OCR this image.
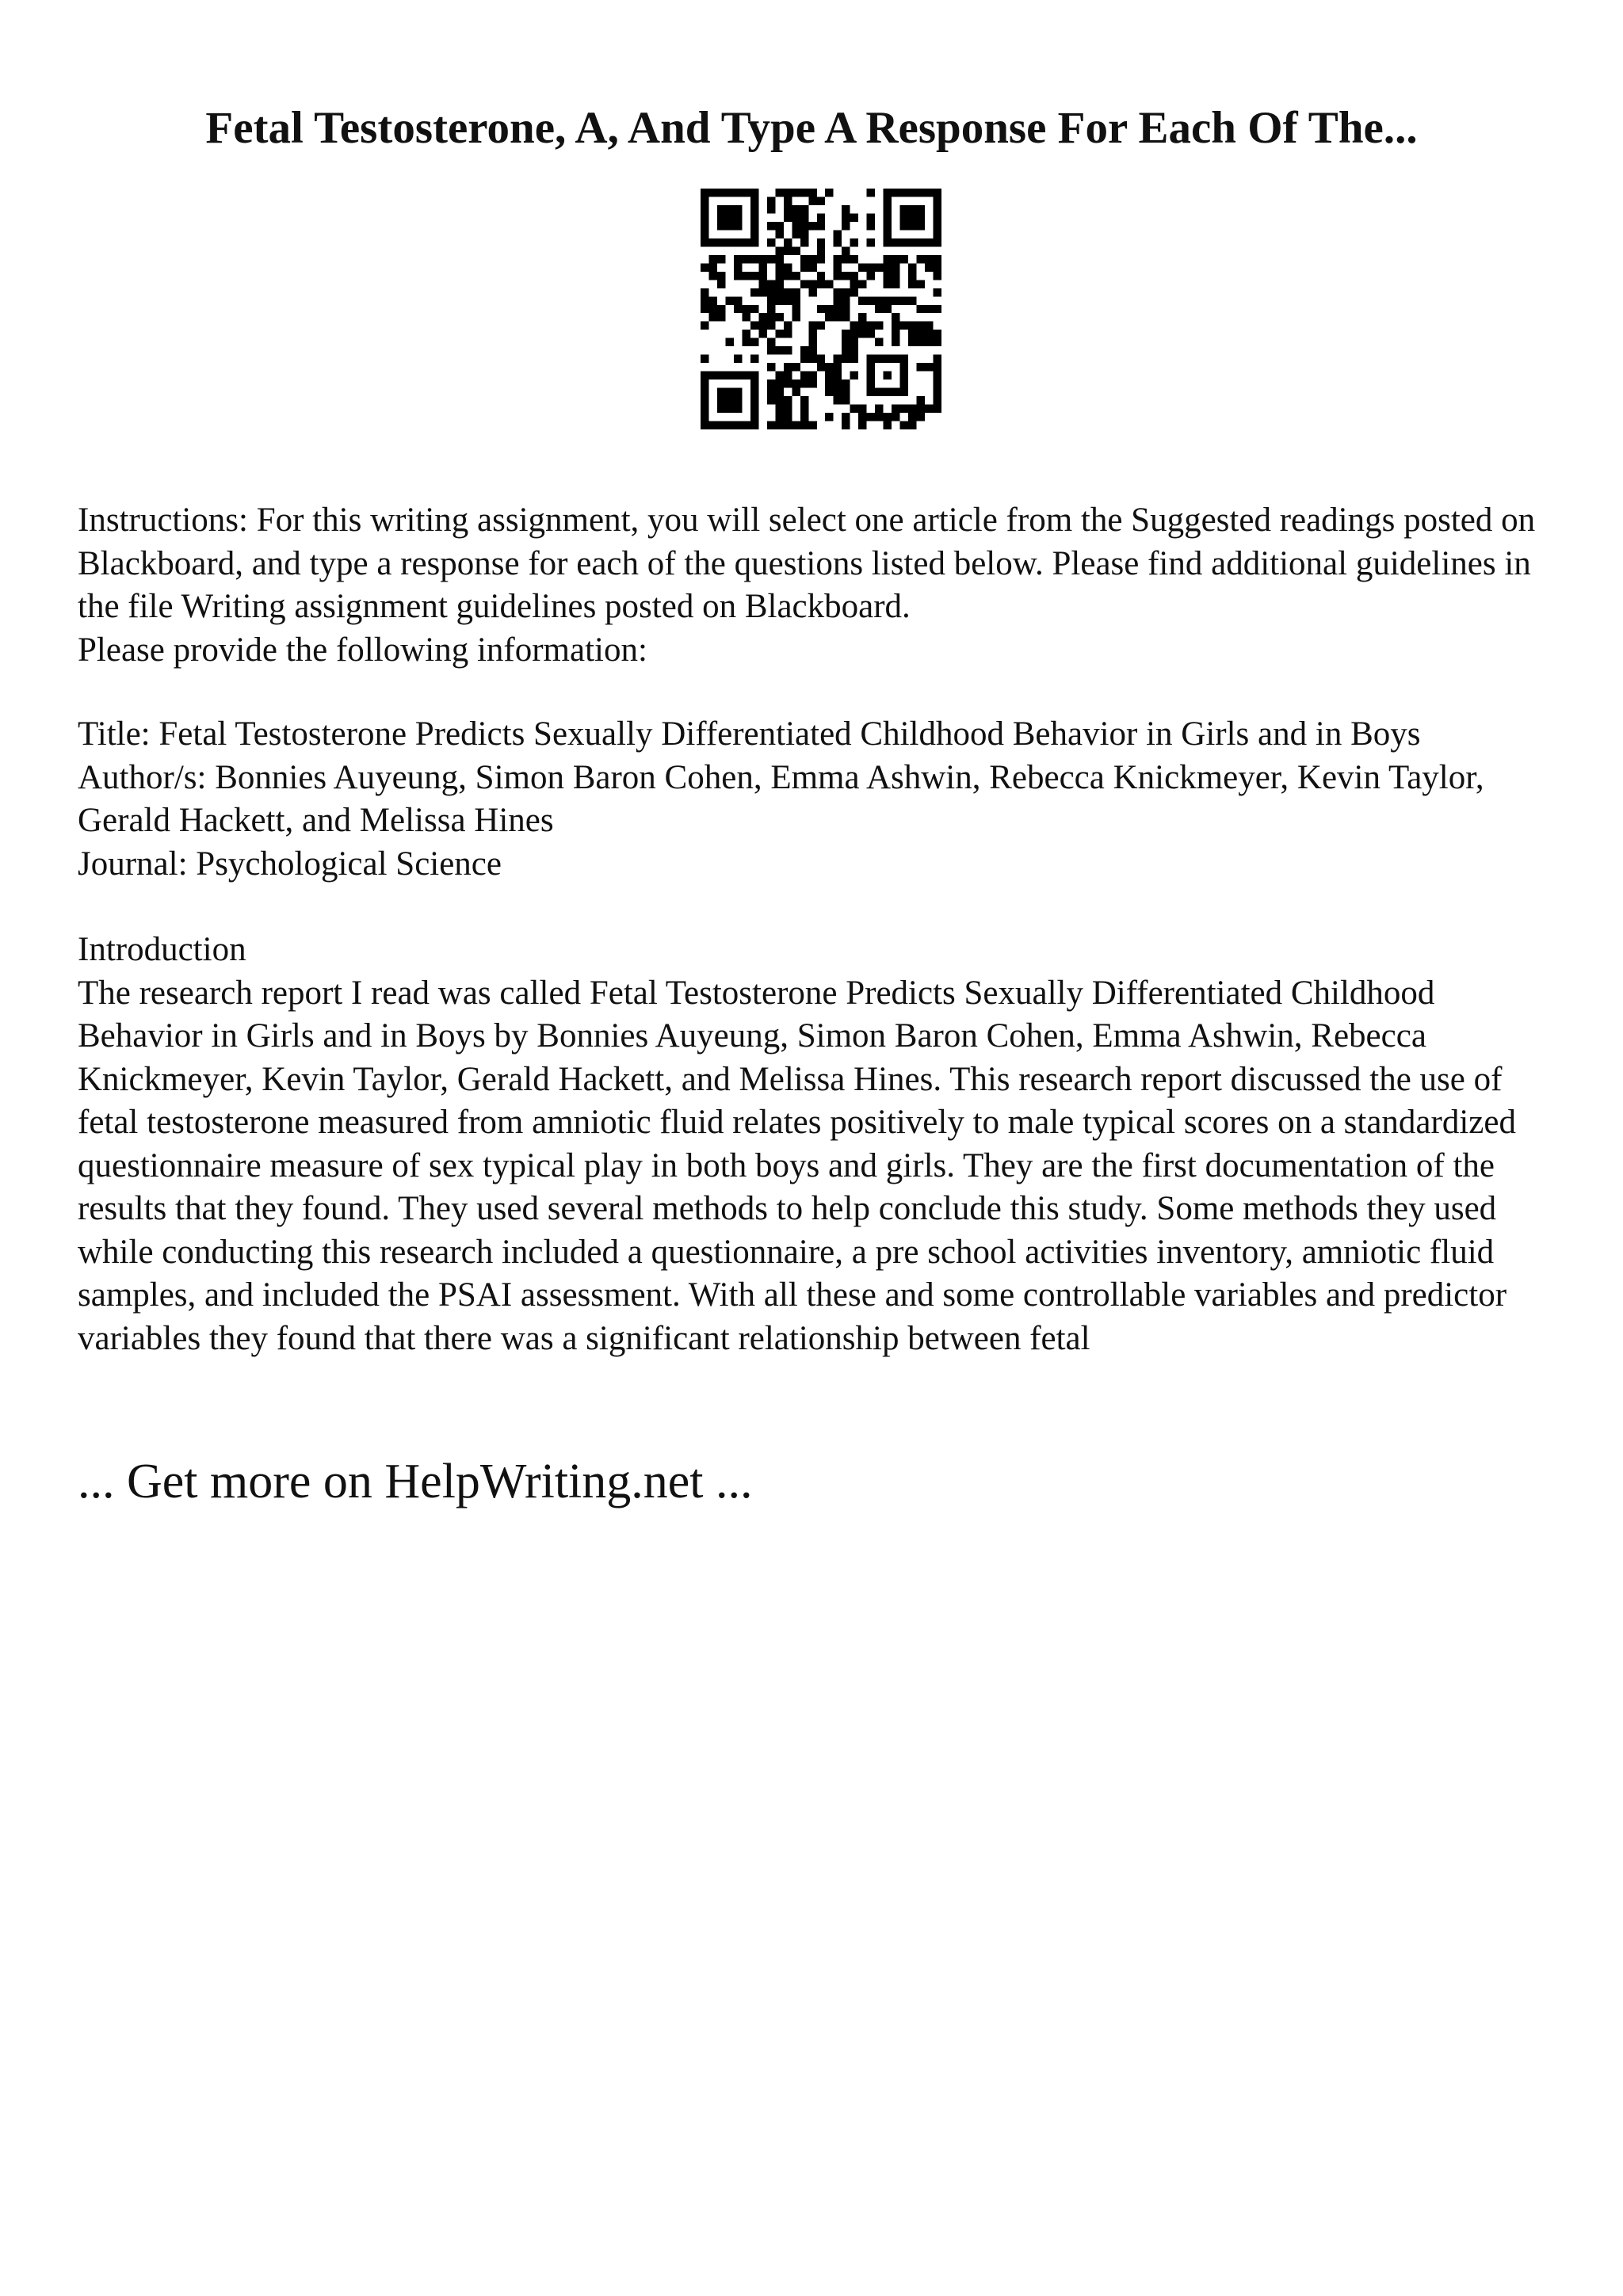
Fetal Testosterone, A, And Type A Response For Each Of The...

Instructions: For this writing assignment, you will select one article from the Suggested readings posted on Blackboard, and type a response for each of the questions listed below. Please find additional guidelines in the file Writing assignment guidelines posted on Blackboard.

Please provide the following information:

Title: Fetal Testosterone Predicts Sexually Differentiated Childhood Behavior in Girls and in Boys

Author/s: Bonnies Auyeung, Simon Baron Cohen, Emma Ashwin, Rebecca Knickmeyer, Kevin Taylor, Gerald Hackett, and Melissa Hines

Journal: Psychological Science

Introduction

The research report I read was called Fetal Testosterone Predicts Sexually Differentiated Childhood Behavior in Girls and in Boys by Bonnies Auyeung, Simon Baron Cohen, Emma Ashwin, Rebecca Knickmeyer, Kevin Taylor, Gerald Hackett, and Melissa Hines. This research report discussed the use of fetal testosterone measured from amniotic fluid relates positively to male typical scores on a standardized questionnaire measure of sex typical play in both boys and girls. They are the first documentation of the results that they found. They used several methods to help conclude this study. Some methods they used while conducting this research included a questionnaire, a pre school activities inventory, amniotic fluid samples, and included the PSAI assessment. With all these and some controllable variables and predictor variables they found that there was a significant relationship between fetal

... Get more on HelpWriting.net ...
